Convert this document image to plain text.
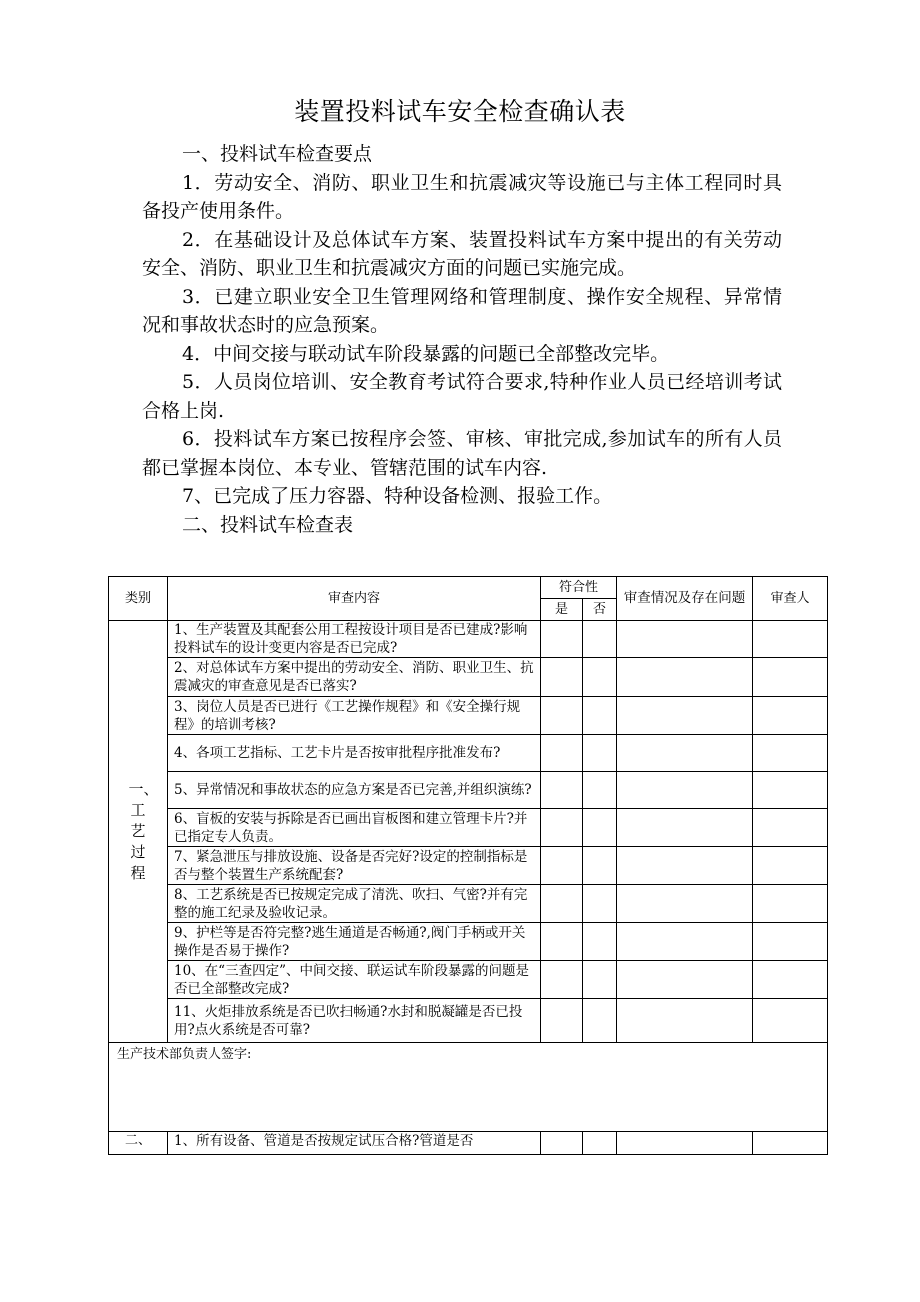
装置投料试车安全检查确认表

一、投料试车检查要点

1．劳动安全、消防、职业卫生和抗震减灾等设施已与主体工程同时具备投产使用条件。

2．在基础设计及总体试车方案、装置投料试车方案中提出的有关劳动安全、消防、职业卫生和抗震减灾方面的问题已实施完成。

3．已建立职业安全卫生管理网络和管理制度、操作安全规程、异常情况和事故状态时的应急预案。

4．中间交接与联动试车阶段暴露的问题已全部整改完毕。

5．人员岗位培训、安全教育考试符合要求,特种作业人员已经培训考试合格上岗.

6．投料试车方案已按程序会签、审核、审批完成,参加试车的所有人员都已掌握本岗位、本专业、管辖范围的试车内容.

7、已完成了压力容器、特种设备检测、报验工作。

二、投料试车检查表

类别	审查内容	符合性		审查情况及存在问题	审查人
		是	否		
一、工艺过程	1、生产装置及其配套公用工程按设计项目是否已建成?影响投料试车的设计变更内容是否已完成?				
	2、对总体试车方案中提出的劳动安全、消防、职业卫生、抗震减灾的审查意见是否已落实?				
	3、岗位人员是否已进行《工艺操作规程》和《安全操行规程》的培训考核?				
	4、各项工艺指标、工艺卡片是否按审批程序批准发布?				
	5、异常情况和事故状态的应急方案是否已完善,并组织演练?				
	6、盲板的安装与拆除是否已画出盲板图和建立管理卡片?并已指定专人负责。				
	7、紧急泄压与排放设施、设备是否完好?设定的控制指标是否与整个装置生产系统配套?				
	8、工艺系统是否已按规定完成了清洗、吹扫、气密?并有完整的施工纪录及验收记录。				
	9、护栏等是否符完整?逃生通道是否畅通?,阀门手柄或开关操作是否易于操作?				
	10、在“三查四定”、中间交接、联运试车阶段暴露的问题是否已全部整改完成?				
	11、火炬排放系统是否已吹扫畅通?水封和脱凝罐是否已投用?点火系统是否可靠?				
生产技术部负责人签字:					
二、	1、所有设备、管道是否按规定试压合格?管道是否				
